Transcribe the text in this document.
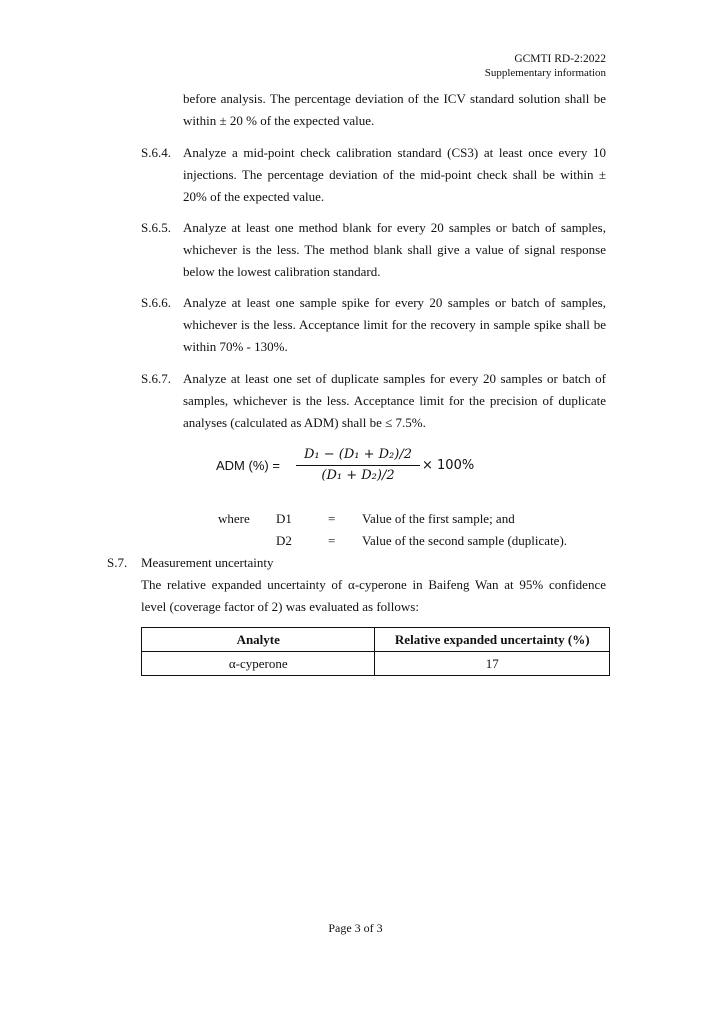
GCMTI RD-2:2022
Supplementary information
before analysis. The percentage deviation of the ICV standard solution shall be within ± 20 % of the expected value.
S.6.4. Analyze a mid-point check calibration standard (CS3) at least once every 10 injections. The percentage deviation of the mid-point check shall be within ± 20% of the expected value.
S.6.5. Analyze at least one method blank for every 20 samples or batch of samples, whichever is the less. The method blank shall give a value of signal response below the lowest calibration standard.
S.6.6. Analyze at least one sample spike for every 20 samples or batch of samples, whichever is the less. Acceptance limit for the recovery in sample spike shall be within 70% - 130%.
S.6.7. Analyze at least one set of duplicate samples for every 20 samples or batch of samples, whichever is the less. Acceptance limit for the precision of duplicate analyses (calculated as ADM) shall be ≤ 7.5%.
ADM (%) =
D₁ − (D₁ + D₂)/2
(D₁ + D₂)/2
× 100%
where D1	= Value of the first sample; and
D2	= Value of the second sample (duplicate).
S.7. Measurement uncertainty
The relative expanded uncertainty of α-cyperone in Baifeng Wan at 95% confidence level (coverage factor of 2) was evaluated as follows:
Analyte	Relative expanded uncertainty (%)
α-cyperone	17
Page 3 of 3
